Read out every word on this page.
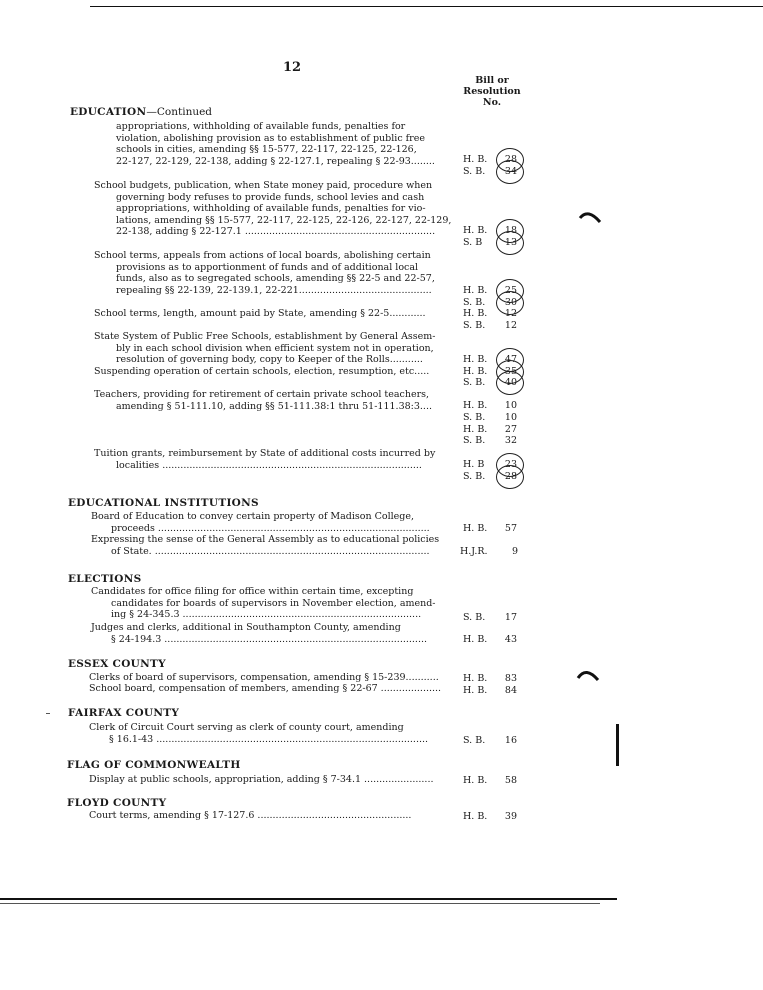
12
Bill or
Resolution
No.
EDUCATION—Continued
appropriations, withholding of available funds, penalties for
violation, abolishing provision as to establishment of public free
schools in cities, amending §§ 15-577, 22-117, 22-125, 22-126,
22-127, 22-129, 22-138, adding § 22-127.1, repealing § 22-93........	H. B.	28
S. B.	34
School budgets, publication, when State money paid, procedure when
governing body refuses to provide funds, school levies and cash
appropriations, withholding of available funds, penalties for vio-
lations, amending §§ 15-577, 22-117, 22-125, 22-126, 22-127, 22-129,
22-138, adding § 22-127.1 ...............................................................	H. B.	18
S. B	13
School terms, appeals from actions of local boards, abolishing certain
provisions as to apportionment of funds and of additional local
funds, also as to segregated schools, amending §§ 22-5 and 22-57,
repealing §§ 22-139, 22-139.1, 22-221............................................	H. B.	25
S. B.	30
School terms, length, amount paid by State, amending § 22-5............	H. B.	12
S. B.	12
State System of Public Free Schools, establishment by General Assem-
bly in each school division when efficient system not in operation,
resolution of governing body, copy to Keeper of the Rolls...........	H. B.	47
Suspending operation of certain schools, election, resumption, etc.....	H. B.	35
S. B.	40
Teachers, providing for retirement of certain private school teachers,
amending § 51-111.10, adding §§ 51-111.38:1 thru 51-111.38:3....	H. B.	10
S. B.	10
H. B.	27
S. B.	32
Tuition grants, reimbursement by State of additional costs incurred by
localities ......................................................................................	H. B	23
S. B.	28
EDUCATIONAL INSTITUTIONS
Board of Education to convey certain property of Madison College,
proceeds ..........................................................................................	H. B.	57
Expressing the sense of the General Assembly as to educational policies
of State. ...........................................................................................	H.J.R.	9
ELECTIONS
Candidates for office filing for office within certain time, excepting
candidates for boards of supervisors in November election, amend-
ing § 24-345.3 ...............................................................................	S. B.	17
Judges and clerks, additional in Southampton County, amending
§ 24-194.3 .......................................................................................	H. B.	43
ESSEX COUNTY
Clerks of board of supervisors, compensation, amending § 15-239...........	H. B.	83
School board, compensation of members, amending § 22-67 .................... H. B.	84
FAIRFAX COUNTY
Clerk of Circuit Court serving as clerk of county court, amending
§ 16.1-43 ..........................................................................................	S. B.	16
FLAG OF COMMONWEALTH
Display at public schools, appropriation, adding § 7-34.1 .......................	H. B.	58
FLOYD COUNTY
Court terms, amending § 17-127.6 ...................................................	H. B.	39
